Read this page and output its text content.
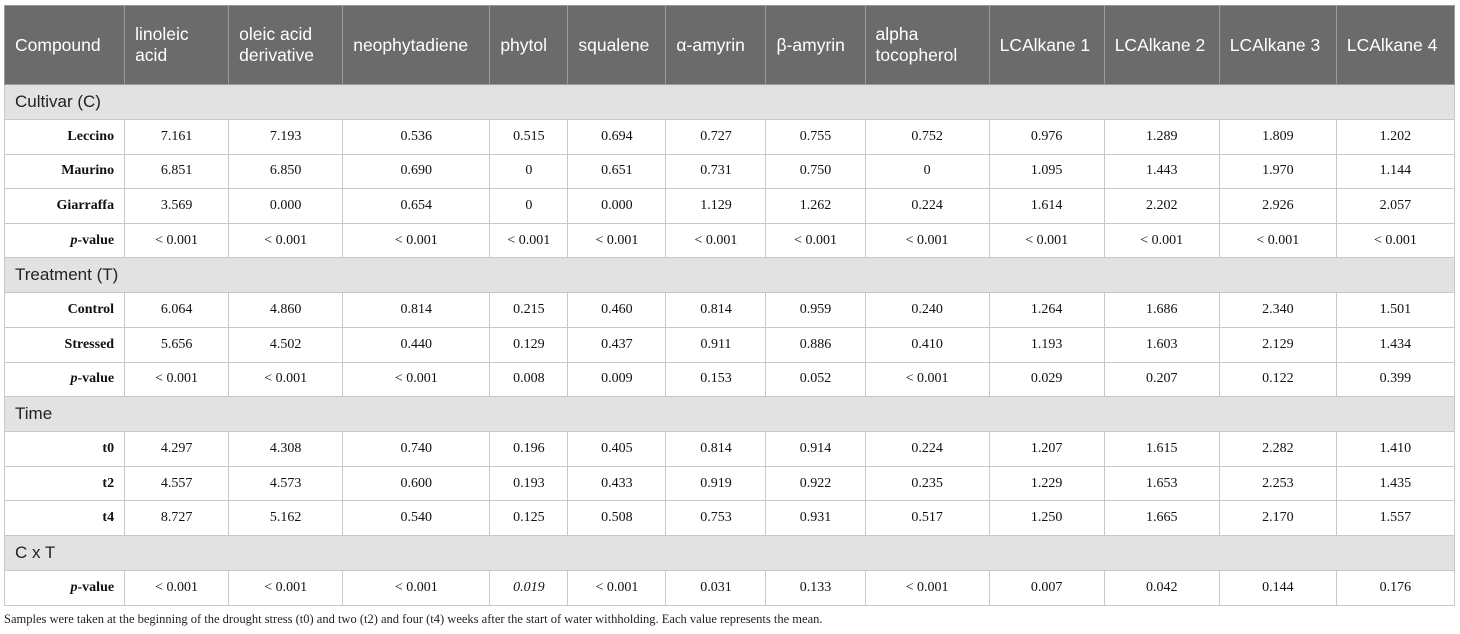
Compound	linoleic acid	oleic acid derivative	neophytadiene	phytol	squalene	α-amyrin	β-amyrin	alpha tocopherol	LCAlkane 1	LCAlkane 2	LCAlkane 3	LCAlkane 4
Cultivar (C)												
Leccino	7.161	7.193	0.536	0.515	0.694	0.727	0.755	0.752	0.976	1.289	1.809	1.202
Maurino	6.851	6.850	0.690	0	0.651	0.731	0.750	0	1.095	1.443	1.970	1.144
Giarraffa	3.569	0.000	0.654	0	0.000	1.129	1.262	0.224	1.614	2.202	2.926	2.057
p-value	< 0.001	< 0.001	< 0.001	< 0.001	< 0.001	< 0.001	< 0.001	< 0.001	< 0.001	< 0.001	< 0.001	< 0.001
Treatment (T)												
Control	6.064	4.860	0.814	0.215	0.460	0.814	0.959	0.240	1.264	1.686	2.340	1.501
Stressed	5.656	4.502	0.440	0.129	0.437	0.911	0.886	0.410	1.193	1.603	2.129	1.434
p-value	< 0.001	< 0.001	< 0.001	0.008	0.009	0.153	0.052	< 0.001	0.029	0.207	0.122	0.399
Time												
t0	4.297	4.308	0.740	0.196	0.405	0.814	0.914	0.224	1.207	1.615	2.282	1.410
t2	4.557	4.573	0.600	0.193	0.433	0.919	0.922	0.235	1.229	1.653	2.253	1.435
t4	8.727	5.162	0.540	0.125	0.508	0.753	0.931	0.517	1.250	1.665	2.170	1.557
C x T												
p-value	< 0.001	< 0.001	< 0.001	0.019	< 0.001	0.031	0.133	< 0.001	0.007	0.042	0.144	0.176
Samples were taken at the beginning of the drought stress (t0) and two (t2) and four (t4) weeks after the start of water withholding. Each value represents the mean.
